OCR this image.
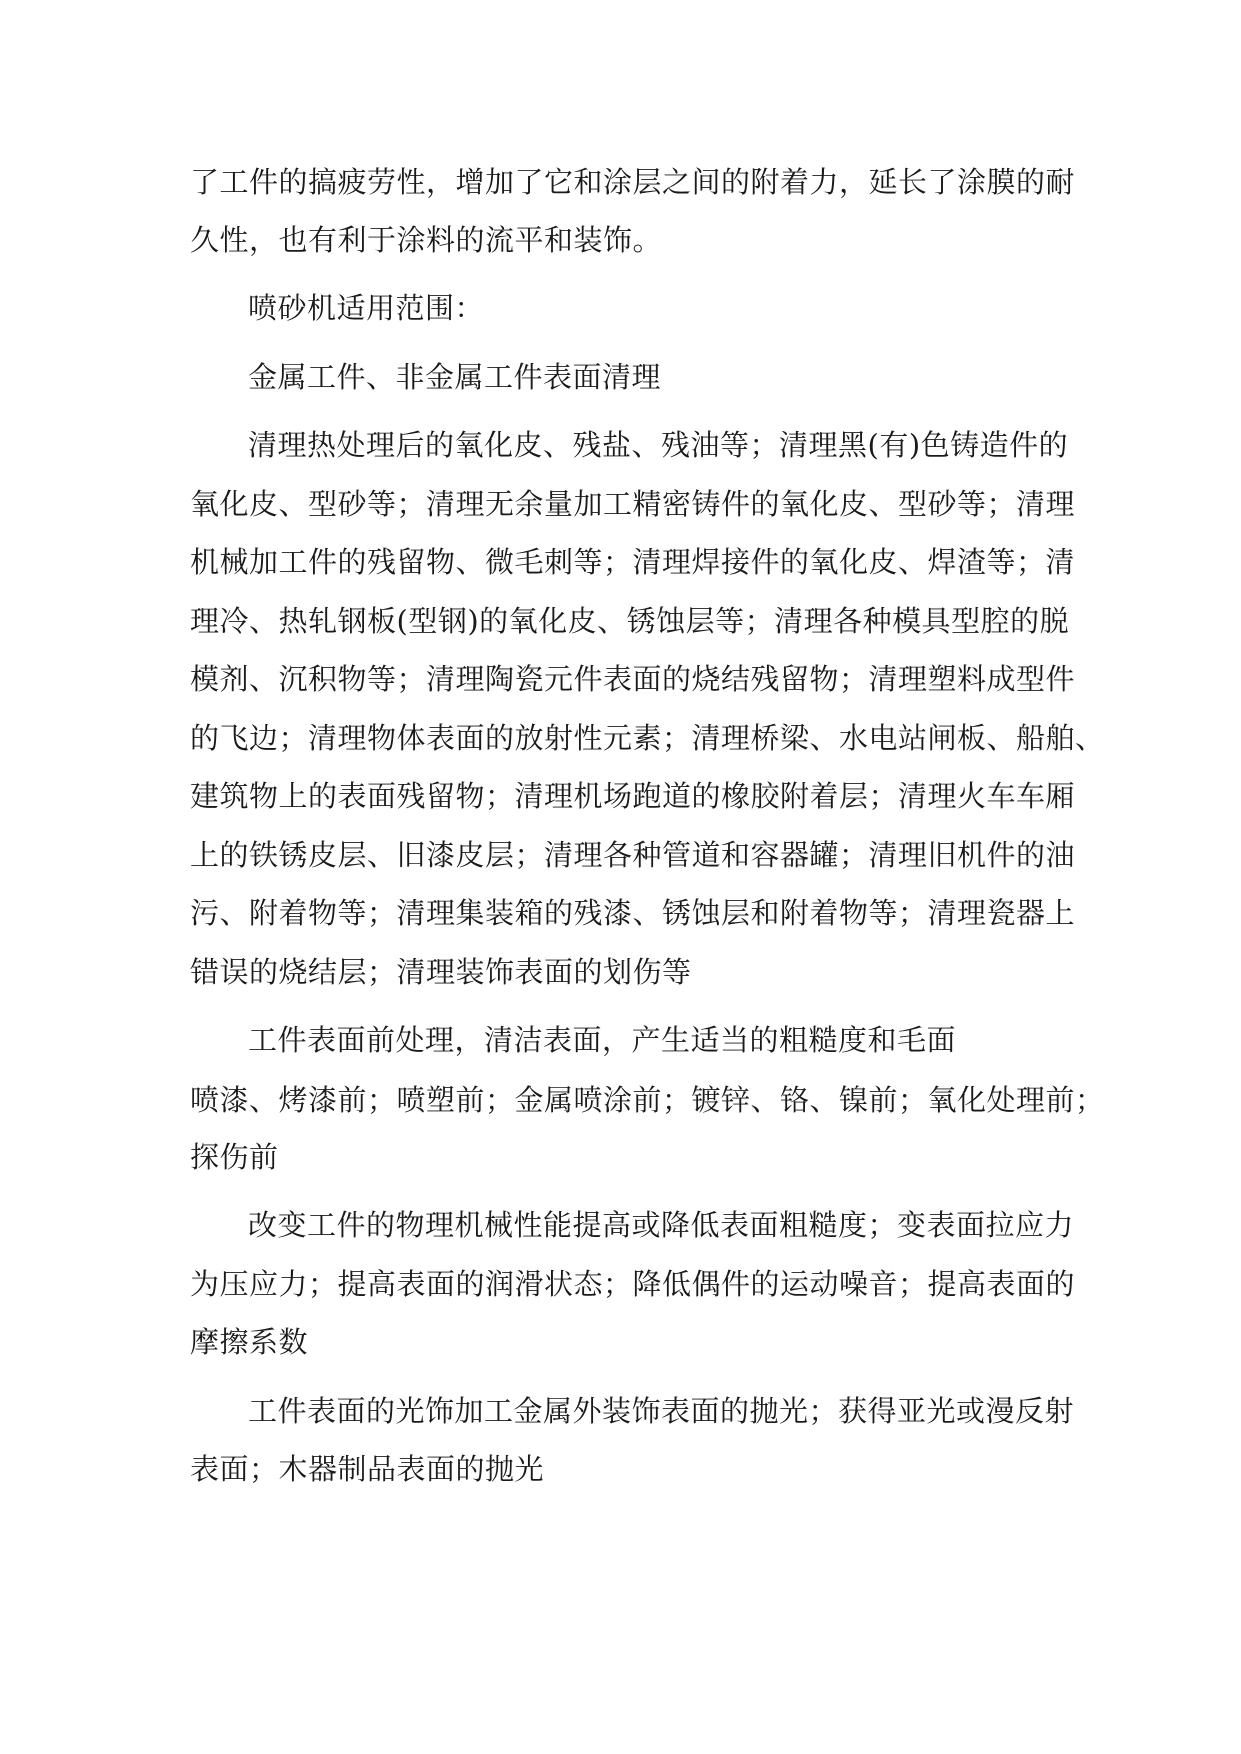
了工件的搞疲劳性，增加了它和涂层之间的附着力，延长了涂膜的耐
久性，也有利于涂料的流平和装饰。
喷砂机适用范围：
金属工件、非金属工件表面清理
清理热处理后的氧化皮、残盐、残油等；清理黑(有)色铸造件的
氧化皮、型砂等；清理无余量加工精密铸件的氧化皮、型砂等；清理
机械加工件的残留物、微毛刺等；清理焊接件的氧化皮、焊渣等；清
理冷、热轧钢板(型钢)的氧化皮、锈蚀层等；清理各种模具型腔的脱
模剂、沉积物等；清理陶瓷元件表面的烧结残留物；清理塑料成型件
的飞边；清理物体表面的放射性元素；清理桥梁、水电站闸板、船舶、
建筑物上的表面残留物；清理机场跑道的橡胶附着层；清理火车车厢
上的铁锈皮层、旧漆皮层；清理各种管道和容器罐；清理旧机件的油
污、附着物等；清理集装箱的残漆、锈蚀层和附着物等；清理瓷器上
错误的烧结层；清理装饰表面的划伤等
工件表面前处理，清洁表面，产生适当的粗糙度和毛面
喷漆、烤漆前；喷塑前；金属喷涂前；镀锌、铬、镍前；氧化处理前；
探伤前
改变工件的物理机械性能提高或降低表面粗糙度；变表面拉应力
为压应力；提高表面的润滑状态；降低偶件的运动噪音；提高表面的
摩擦系数
工件表面的光饰加工金属外装饰表面的抛光；获得亚光或漫反射
表面；木器制品表面的抛光
